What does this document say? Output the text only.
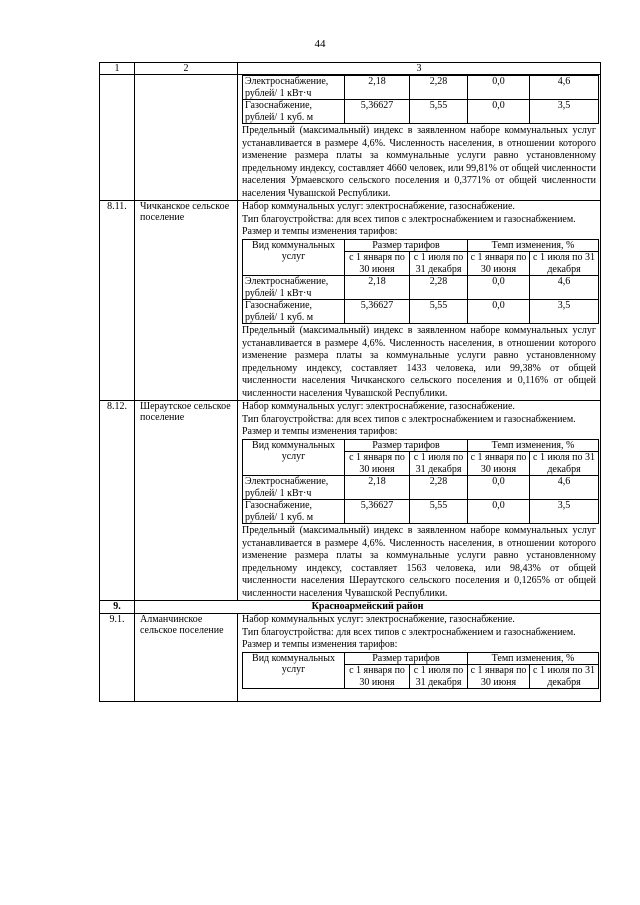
44
1	2	3

Электроснабжение, рублей/ 1 кВт·ч	2,18	2,28	0,0	4,6
Газоснабжение, рублей/ 1 куб. м	5,36627	5,55	0,0	3,5
Предельный (максимальный) индекс в заявленном наборе коммунальных услуг устанавливается в размере 4,6%. Численность населения, в отношении которого изменение размера платы за коммунальные услуги равно установленному предельному индексу, составляет 4660 человек, или 99,81% от общей численности населения Урмаевского сельского поселения и 0,3771% от общей численности населения Чувашской Республики.

8.11.	Чичканское сельское поселение

Набор коммунальных услуг: электроснабжение, газоснабжение.
Тип благоустройства: для всех типов с электроснабжением и газоснабжением.
Размер и темпы изменения тарифов:
Вид коммунальных услуг	Размер тарифов	Темп изменения, %
с 1 января по 30 июня	с 1 июля по 31 декабря	с 1 января по 30 июня	с 1 июля по 31 декабря
Электроснабжение, рублей/ 1 кВт·ч	2,18	2,28	0,0	4,6
Газоснабжение, рублей/ 1 куб. м	5,36627	5,55	0,0	3,5
Предельный (максимальный) индекс в заявленном наборе коммунальных услуг устанавливается в размере 4,6%. Численность населения, в отношении которого изменение размера платы за коммунальные услуги равно установленному предельному индексу, составляет 1433 человека, или 99,38% от общей численности населения Чичканского сельского поселения и 0,116% от общей численности населения Чувашской Республики.

8.12.	Шераутское сельское поселение

Набор коммунальных услуг: электроснабжение, газоснабжение.
Тип благоустройства: для всех типов с электроснабжением и газоснабжением.
Размер и темпы изменения тарифов:
Вид коммунальных услуг	Размер тарифов	Темп изменения, %
с 1 января по 30 июня	с 1 июля по 31 декабря	с 1 января по 30 июня	с 1 июля по 31 декабря
Электроснабжение, рублей/ 1 кВт·ч	2,18	2,28	0,0	4,6
Газоснабжение, рублей/ 1 куб. м	5,36627	5,55	0,0	3,5
Предельный (максимальный) индекс в заявленном наборе коммунальных услуг устанавливается в размере 4,6%. Численность населения, в отношении которого изменение размера платы за коммунальные услуги равно установленному предельному индексу, составляет 1563 человека, или 98,43% от общей численности населения Шераутского сельского поселения и 0,1265% от общей численности населения Чувашской Республики.

9.	Красноармейский район

9.1.	Алманчинское сельское поселение

Набор коммунальных услуг: электроснабжение, газоснабжение.
Тип благоустройства: для всех типов с электроснабжением и газоснабжением.
Размер и темпы изменения тарифов:
Вид коммунальных услуг	Размер тарифов	Темп изменения, %
с 1 января по 30 июня	с 1 июля по 31 декабря	с 1 января по 30 июня	с 1 июля по 31 декабря
